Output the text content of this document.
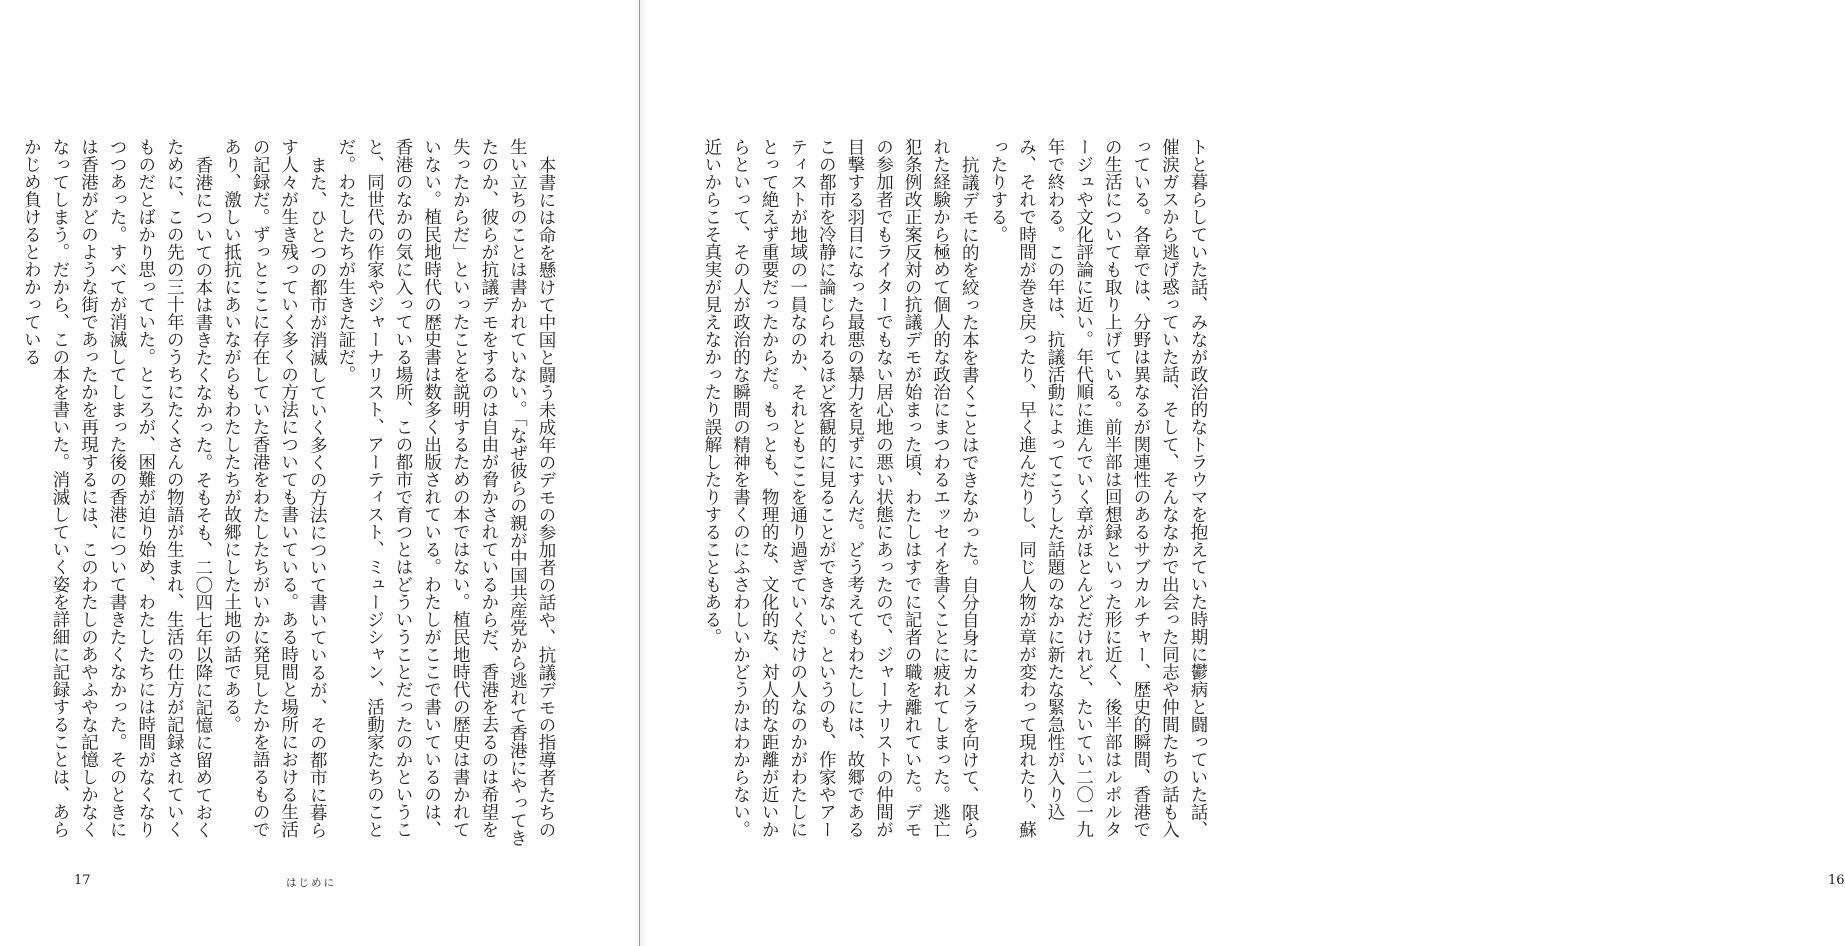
本書には命を懸けて中国と闘う未成年のデモの参加者の話や、抗議デモの指導者たちの生い立ちのことは書かれていない。「なぜ彼らの親が中国共産党から逃れて香港にやってきたのか、彼らが抗議デモをするのは自由が脅かされているからだ、香港を去るのは希望を失ったからだ」といったことを説明するための本ではない。植民地時代の歴史は書かれていない。植民地時代の歴史書は数多く出版されている。わたしがここで書いているのは、香港のなかの気に入っている場所、この都市で育つとはどういうことだったのかということ、同世代の作家やジャーナリスト、アーティスト、ミュージシャン、活動家たちのことだ。わたしたちが生きた証だ。

また、ひとつの都市が消滅していく多くの方法について書いているが、その都市に暮らす人々が生き残っていく多くの方法についても書いている。ある時間と場所における生活の記録だ。ずっとここに存在していた香港をわたしたちがいかに発見したかを語るものであり、激しい抵抗にあいながらもわたしたちが故郷にした土地の話である。

香港についての本は書きたくなかった。そもそも、二〇四七年以降に記憶に留めておくために、この先の三十年のうちにたくさんの物語が生まれ、生活の仕方が記録されていくものだとばかり思っていた。ところが、困難が迫り始め、わたしたちには時間がなくなりつつあった。すべてが消滅してしまった後の香港について書きたくなかった。そのときには香港がどのような街であったかを再現するには、このわたしのあやふやな記憶しかなくなってしまう。だから、この本を書いた。消滅していく姿を詳細に記録することは、あらかじめ負けるとわかっている

17	はじめに	16

トと暮らしていた話、みなが政治的なトラウマを抱えていた時期に鬱病と闘っていた話、催涙ガスから逃げ惑っていた話、そして、そんななかで出会った同志や仲間たちの話も入っている。各章では、分野は異なるが関連性のあるサブカルチャー、歴史的瞬間、香港での生活についても取り上げている。前半部は回想録といった形に近く、後半部はルポルタージュや文化評論に近い。年代順に進んでいく章がほとんどだけれど、たいてい二〇一九年で終わる。この年は、抗議活動によってこうした話題のなかに新たな緊急性が入り込み、それで時間が巻き戻ったり、早く進んだりし、同じ人物が章が変わって現れたり、蘇ったりする。

抗議デモに的を絞った本を書くことはできなかった。自分自身にカメラを向けて、限られた経験から極めて個人的な政治にまつわるエッセイを書くことに疲れてしまった。逃亡犯条例改正案反対の抗議デモが始まった頃、わたしはすでに記者の職を離れていた。デモの参加者でもライターでもない居心地の悪い状態にあったので、ジャーナリストの仲間が目撃する羽目になった最悪の暴力を見ずにすんだ。どう考えてもわたしには、故郷であるこの都市を冷静に論じられるほど客観的に見ることができない。というのも、作家やアーティストが地域の一員なのか、それともここを通り過ぎていくだけの人なのかがわたしにとって絶えず重要だったからだ。もっとも、物理的な、文化的な、対人的な距離が近いからといって、その人が政治的な瞬間の精神を書くのにふさわしいかどうかはわからない。近いからこそ真実が見えなかったり誤解したりすることもある。
